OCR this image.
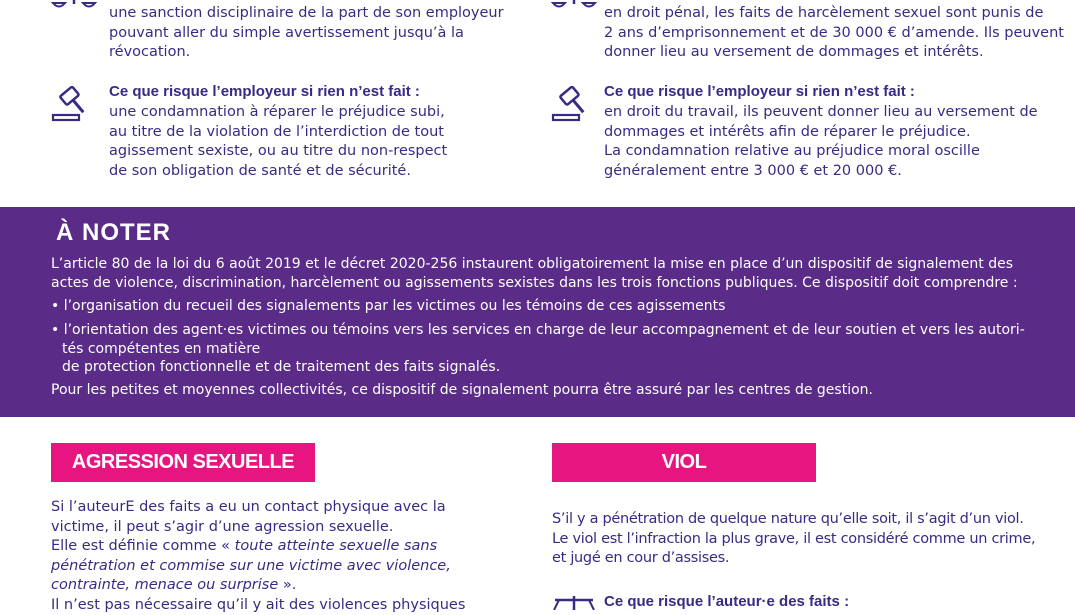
une sanction disciplinaire de la part de son employeur
pouvant aller du simple avertissement jusqu’à la
révocation.
Ce que risque l’employeur si rien n’est fait :
une condamnation à réparer le préjudice subi,
au titre de la violation de l’interdiction de tout
agissement sexiste, ou au titre du non-respect
de son obligation de santé et de sécurité.
en droit pénal, les faits de harcèlement sexuel sont punis de
2 ans d’emprisonnement et de 30 000 € d’amende. Ils peuvent
donner lieu au versement de dommages et intérêts.
Ce que risque l’employeur si rien n’est fait :
en droit du travail, ils peuvent donner lieu au versement de
dommages et intérêts afin de réparer le préjudice.
La condamnation relative au préjudice moral oscille
généralement entre 3 000 € et 20 000 €.
À NOTER
L’article 80 de la loi du 6 août 2019 et le décret 2020-256 instaurent obligatoirement la mise en place d’un dispositif de signalement des
actes de violence, discrimination, harcèlement ou agissements sexistes dans les trois fonctions publiques. Ce dispositif doit comprendre :
• l’organisation du recueil des signalements par les victimes ou les témoins de ces agissements
• l’orientation des agent·es victimes ou témoins vers les services en charge de leur accompagnement et de leur soutien et vers les autori-
tés compétentes en matière
de protection fonctionnelle et de traitement des faits signalés.
Pour les petites et moyennes collectivités, ce dispositif de signalement pourra être assuré par les centres de gestion.
AGRESSION SEXUELLE
Si l’auteurE des faits a eu un contact physique avec la
victime, il peut s’agir d’une agression sexuelle.
Elle est définie comme « toute atteinte sexuelle sans
pénétration et commise sur une victime avec violence,
contrainte, menace ou surprise ».
Il n’est pas nécessaire qu’il y ait des violences physiques
VIOL
S’il y a pénétration de quelque nature qu’elle soit, il s’agit d’un viol.
Le viol est l’infraction la plus grave, il est considéré comme un crime,
et jugé en cour d’assises.
Ce que risque l’auteur·e des faits :
